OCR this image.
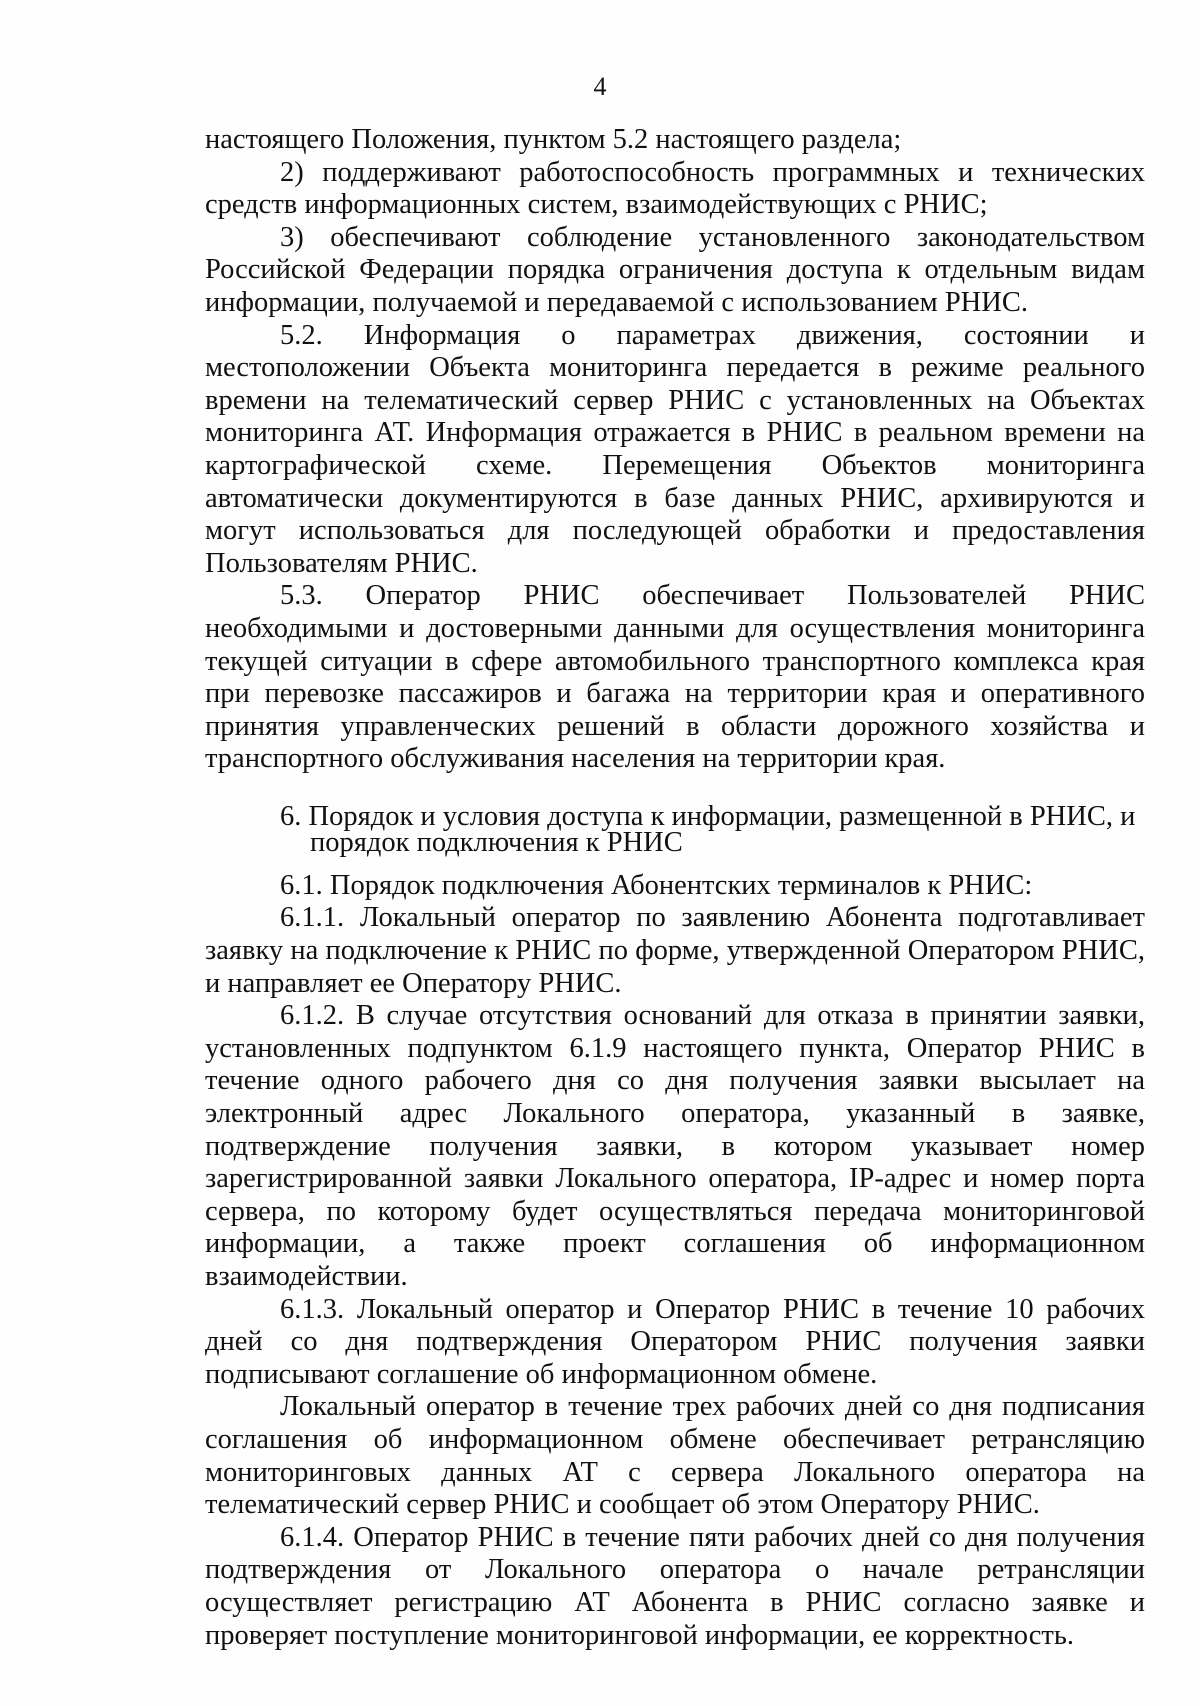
4

настоящего Положения, пунктом 5.2 настоящего раздела;

2) поддерживают работоспособность программных и технических средств информационных систем, взаимодействующих с РНИС;

3) обеспечивают соблюдение установленного законодательством Российской Федерации порядка ограничения доступа к отдельным видам информации, получаемой и передаваемой с использованием РНИС.

5.2. Информация о параметрах движения, состоянии и местоположении Объекта мониторинга передается в режиме реального времени на телематический сервер РНИС с установленных на Объектах мониторинга АТ. Информация отражается в РНИС в реальном времени на картографической схеме. Перемещения Объектов мониторинга автоматически документируются в базе данных РНИС, архивируются и могут использоваться для последующей обработки и предоставления Пользователям РНИС.

5.3. Оператор РНИС обеспечивает Пользователей РНИС необходимыми и достоверными данными для осуществления мониторинга текущей ситуации в сфере автомобильного транспортного комплекса края при перевозке пассажиров и багажа на территории края и оперативного принятия управленческих решений в области дорожного хозяйства и транспортного обслуживания населения на территории края.

6. Порядок и условия доступа к информации, размещенной в РНИС, и
порядок подключения к РНИС

6.1. Порядок подключения Абонентских терминалов к РНИС:

6.1.1. Локальный оператор по заявлению Абонента подготавливает заявку на подключение к РНИС по форме, утвержденной Оператором РНИС, и направляет ее Оператору РНИС.

6.1.2. В случае отсутствия оснований для отказа в принятии заявки, установленных подпунктом 6.1.9 настоящего пункта, Оператор РНИС в течение одного рабочего дня со дня получения заявки высылает на электронный адрес Локального оператора, указанный в заявке, подтверждение получения заявки, в котором указывает номер зарегистрированной заявки Локального оператора, IP-адрес и номер порта сервера, по которому будет осуществляться передача мониторинговой информации, а также проект соглашения об информационном взаимодействии.

6.1.3. Локальный оператор и Оператор РНИС в течение 10 рабочих дней со дня подтверждения Оператором РНИС получения заявки подписывают соглашение об информационном обмене.

Локальный оператор в течение трех рабочих дней со дня подписания соглашения об информационном обмене обеспечивает ретрансляцию мониторинговых данных АТ с сервера Локального оператора на телематический сервер РНИС и сообщает об этом Оператору РНИС.

6.1.4. Оператор РНИС в течение пяти рабочих дней со дня получения подтверждения от Локального оператора о начале ретрансляции осуществляет регистрацию АТ Абонента в РНИС согласно заявке и проверяет поступление мониторинговой информации, ее корректность.
